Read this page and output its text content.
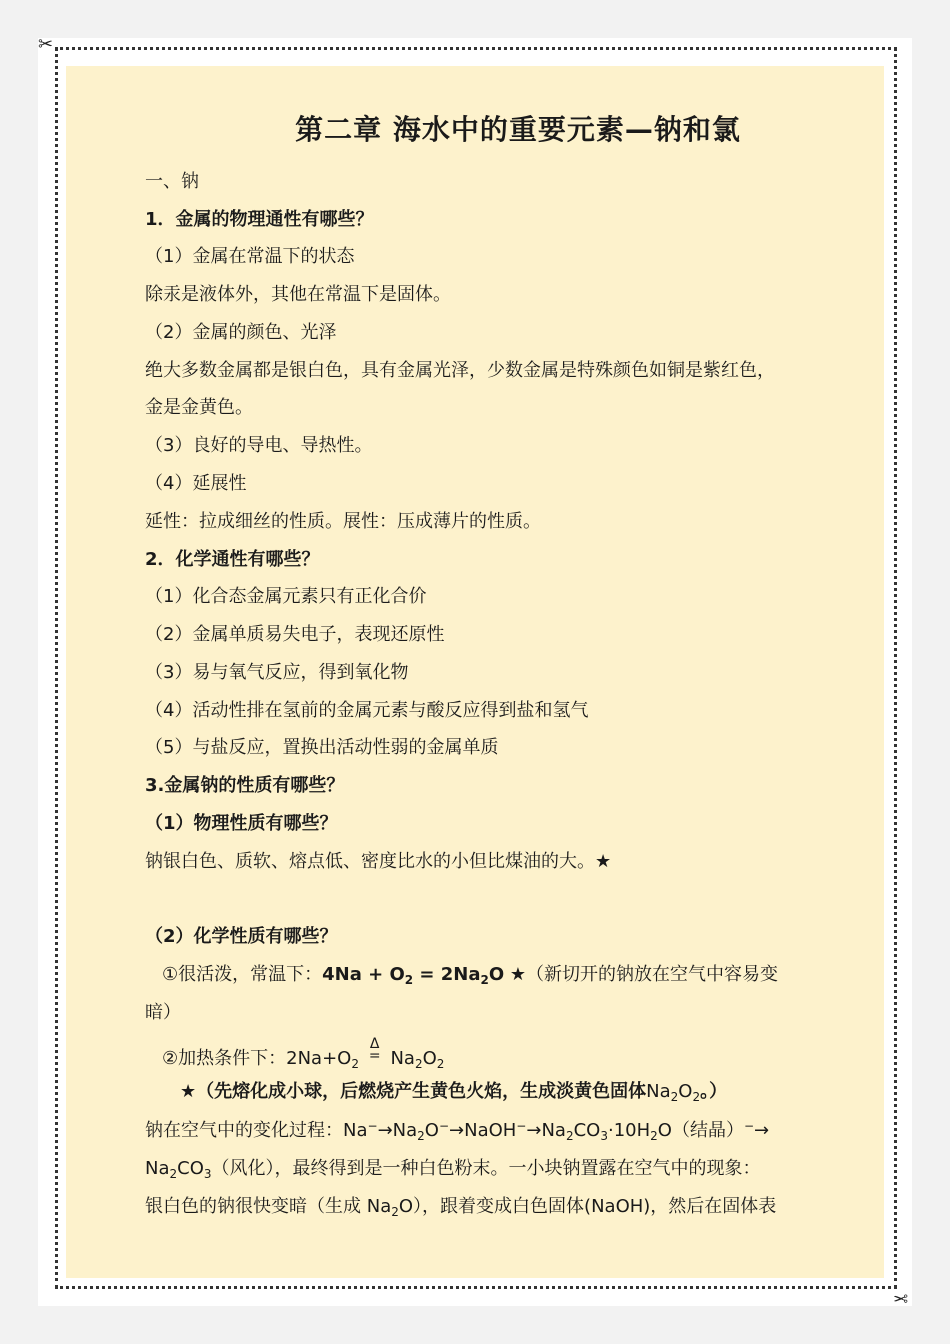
✂
✂
第二章 海水中的重要元素—钠和氯
一、钠
1．金属的物理通性有哪些？
（1）金属在常温下的状态
除汞是液体外，其他在常温下是固体。
（2）金属的颜色、光泽
绝大多数金属都是银白色，具有金属光泽，少数金属是特殊颜色如铜是紫红色，
金是金黄色。
（3）良好的导电、导热性。
（4）延展性
延性：拉成细丝的性质。展性：压成薄片的性质。
2．化学通性有哪些？
（1）化合态金属元素只有正化合价
（2）金属单质易失电子，表现还原性
（3）易与氧气反应，得到氧化物
（4）活动性排在氢前的金属元素与酸反应得到盐和氢气
（5）与盐反应，置换出活动性弱的金属单质
3.金属钠的性质有哪些？
（1）物理性质有哪些？
钠银白色、质软、熔点低、密度比水的小但比煤油的大。★
（2）化学性质有哪些？
①很活泼，常温下：$4Na + O_2 = 2Na_2O$ ★（新切开的钠放在空气中容易变
暗）
②加热条件下：$2Na+O_2$ Δ
= $Na_2O_2$
★（先熔化成小球，后燃烧产生黄色火焰，生成淡黄色固体$Na_2O_2$。）
钠在空气中的变化过程：$Na^-\to Na_2O^-\to NaOH^-\to Na_2CO_3\cdot 10H_2O$（结晶）−→
$Na_2CO_3$（风化），最终得到是一种白色粉末。一小块钠置露在空气中的现象：
银白色的钠很快变暗（生成 $Na_2O$），跟着变成白色固体(NaOH)，然后在固体表
